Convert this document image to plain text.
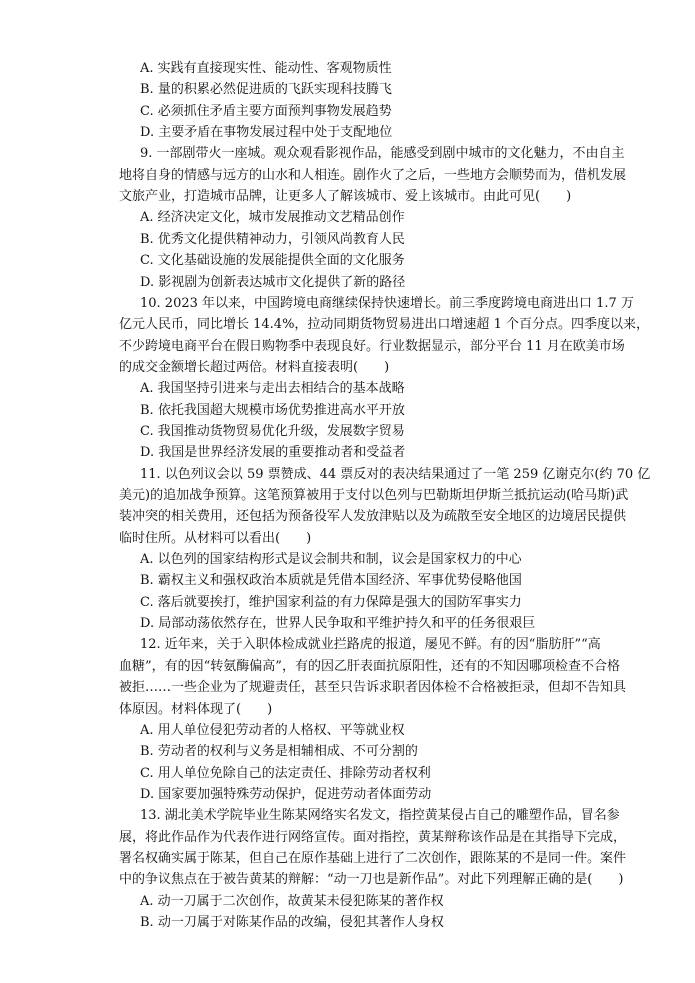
A. 实践有直接现实性、能动性、客观物质性
B. 量的积累必然促进质的飞跃实现科技腾飞
C. 必须抓住矛盾主要方面预判事物发展趋势
D. 主要矛盾在事物发展过程中处于支配地位
9. 一部剧带火一座城。观众观看影视作品，能感受到剧中城市的文化魅力，不由自主
地将自身的情感与远方的山水和人相连。剧作火了之后，一些地方会顺势而为，借机发展
文旅产业，打造城市品牌，让更多人了解该城市、爱上该城市。由此可见(　　)
A. 经济决定文化，城市发展推动文艺精品创作
B. 优秀文化提供精神动力，引领风尚教育人民
C. 文化基础设施的发展能提供全面的文化服务
D. 影视剧为创新表达城市文化提供了新的路径
10. 2023 年以来，中国跨境电商继续保持快速增长。前三季度跨境电商进出口 1.7 万
亿元人民币，同比增长 14.4%，拉动同期货物贸易进出口增速超 1 个百分点。四季度以来，
不少跨境电商平台在假日购物季中表现良好。行业数据显示，部分平台 11 月在欧美市场
的成交金额增长超过两倍。材料直接表明(　　)
A. 我国坚持引进来与走出去相结合的基本战略
B. 依托我国超大规模市场优势推进高水平开放
C. 我国推动货物贸易优化升级，发展数字贸易
D. 我国是世界经济发展的重要推动者和受益者
11. 以色列议会以 59 票赞成、44 票反对的表决结果通过了一笔 259 亿谢克尔(约 70 亿
美元)的追加战争预算。这笔预算被用于支付以色列与巴勒斯坦伊斯兰抵抗运动(哈马斯)武
装冲突的相关费用，还包括为预备役军人发放津贴以及为疏散至安全地区的边境居民提供
临时住所。从材料可以看出(　　)
A. 以色列的国家结构形式是议会制共和制，议会是国家权力的中心
B. 霸权主义和强权政治本质就是凭借本国经济、军事优势侵略他国
C. 落后就要挨打，维护国家利益的有力保障是强大的国防军事实力
D. 局部动荡依然存在，世界人民争取和平维护持久和平的任务很艰巨
12. 近年来，关于入职体检成就业拦路虎的报道，屡见不鲜。有的因“脂肪肝”“高
血糖”，有的因“转氨酶偏高”，有的因乙肝表面抗原阳性，还有的不知因哪项检查不合格
被拒……一些企业为了规避责任，甚至只告诉求职者因体检不合格被拒录，但却不告知具
体原因。材料体现了(　　)
A. 用人单位侵犯劳动者的人格权、平等就业权
B. 劳动者的权利与义务是相辅相成、不可分割的
C. 用人单位免除自己的法定责任、排除劳动者权利
D. 国家要加强特殊劳动保护，促进劳动者体面劳动
13. 湖北美术学院毕业生陈某网络实名发文，指控黄某侵占自己的雕塑作品，冒名参
展，将此作品作为代表作进行网络宣传。面对指控，黄某辩称该作品是在其指导下完成，
署名权确实属于陈某，但自己在原作基础上进行了二次创作，跟陈某的不是同一件。案件
中的争议焦点在于被告黄某的辩解：“动一刀也是新作品”。对此下列理解正确的是(　　)
A. 动一刀属于二次创作，故黄某未侵犯陈某的著作权
B. 动一刀属于对陈某作品的改编，侵犯其著作人身权
